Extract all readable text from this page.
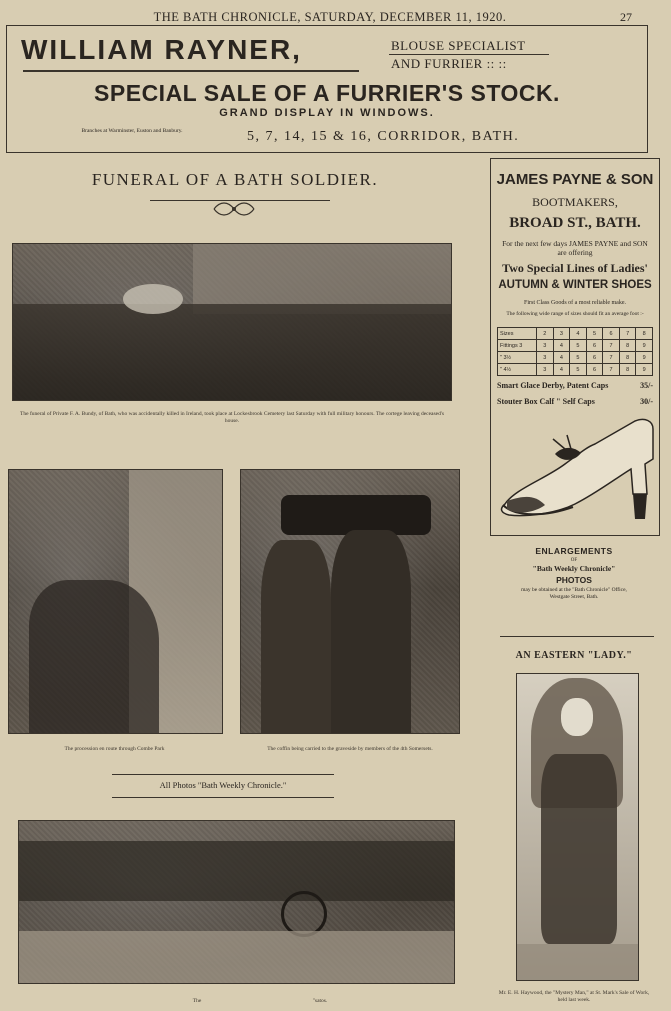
THE BATH CHRONICLE, SATURDAY, DECEMBER 11, 1920.	27
WILLIAM RAYNER,	BLOUSE SPECIALIST
AND FURRIER :: ::
SPECIAL SALE OF A FURRIER'S STOCK.
GRAND DISPLAY IN WINDOWS.
Branches at Warminster, Euston and Banbury.	5, 7, 14, 15 & 16, CORRIDOR, BATH.
FUNERAL OF A BATH SOLDIER.
The funeral of Private F. A. Bundy, of Bath, who was accidentally killed in Ireland, took place at Lockesbrook Cemetery last Saturday with full military honours. The cortege leaving deceased's house.
The procession en route through Combe Park	The coffin being carried to the graveside by members of the 4th Somersets.
All Photos "Bath Weekly Chronicle."
The	"satos.
JAMES PAYNE & SON
BOOTMAKERS,
BROAD ST., BATH.
For the next few days JAMES PAYNE and SON are offering
Two Special Lines of Ladies'
AUTUMN & WINTER SHOES
First Class Goods of a most reliable make.
The following wide range of sizes should fit an average foot :-
Sizes	2	3	4	5	6	7	8
Fittings 3	3	4	5	6	7	8	9
" 3½	3	4	5	6	7	8	9
" 4½	3	4	5	6	7	8	9
Smart Glace Derby, Patent Caps	35/-
Stouter Box Calf " Self Caps	30/-
ENLARGEMENTS
OF
"Bath Weekly Chronicle"
PHOTOS
may be obtained at the "Bath Chronicle" Office, Westgate Street, Bath.
AN EASTERN "LADY."
Mr. E. H. Haywood, the "Mystery Man," at St. Mark's Sale of Work, held last week.
